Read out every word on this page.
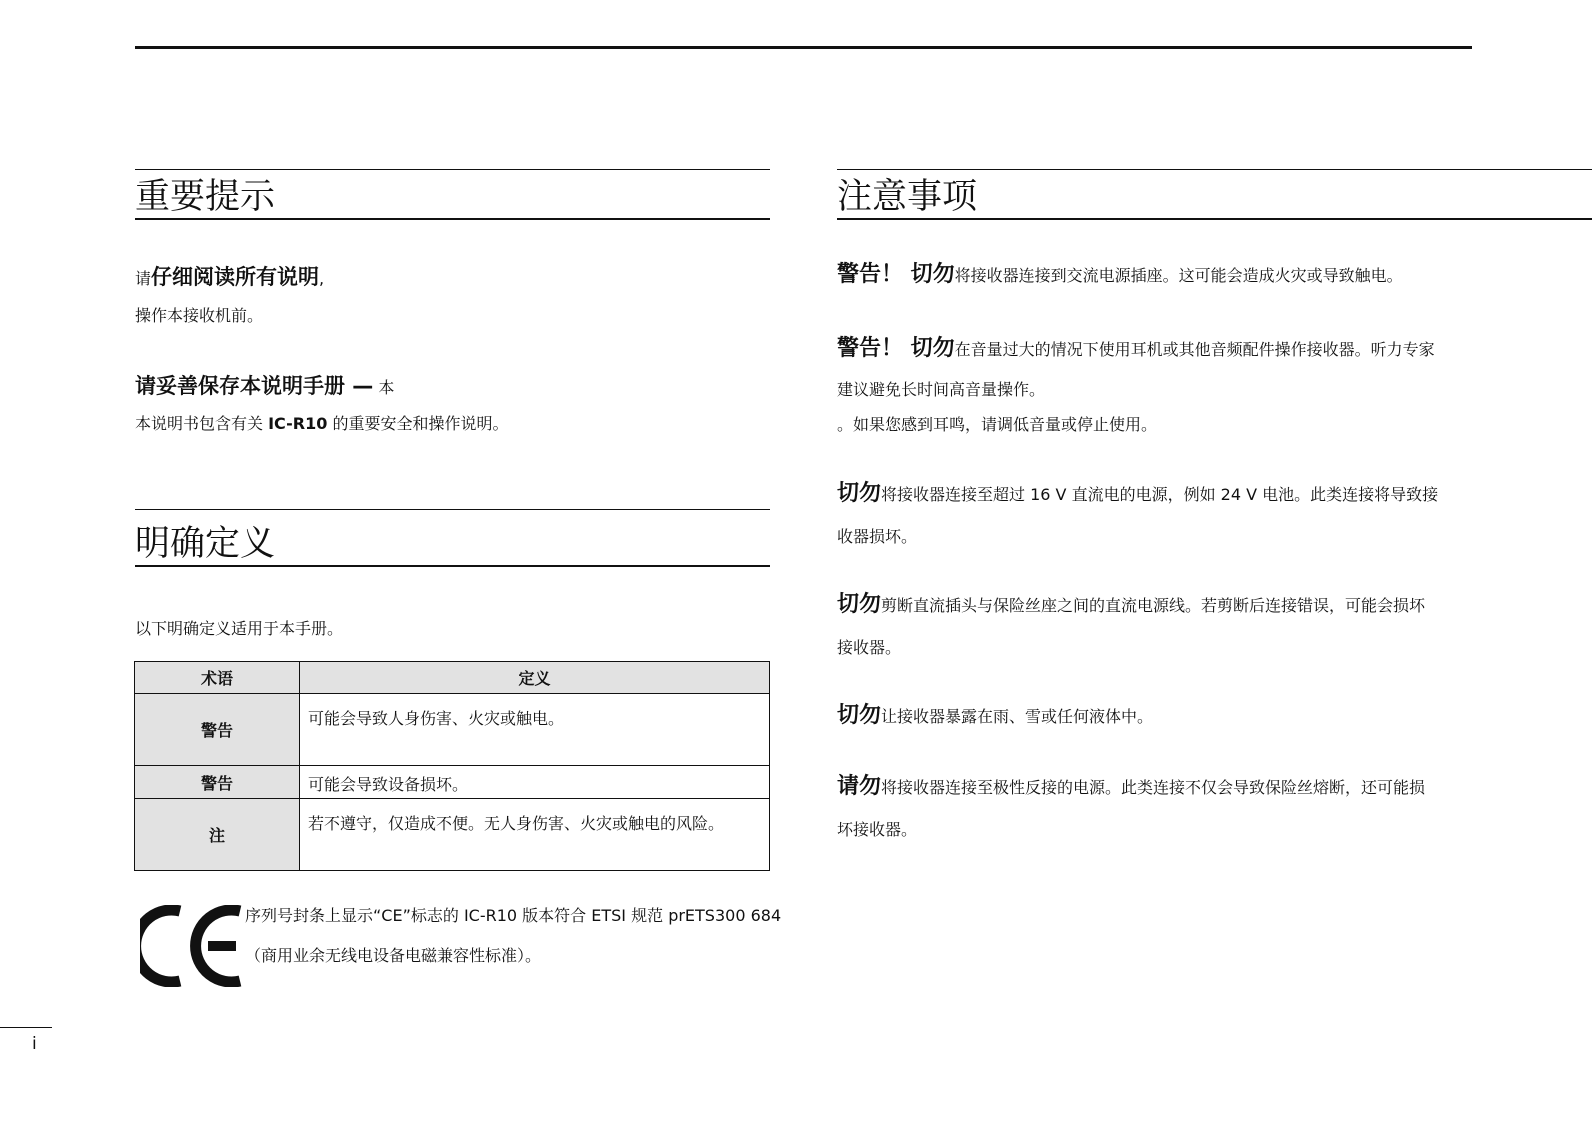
重要提示
请仔细阅读所有说明,
操作本接收机前。
请妥善保存本说明手册 — 本
本说明书包含有关 IC-R10 的重要安全和操作说明。
明确定义
以下明确定义适用于本手册。
术语	定义
警告	可能会导致人身伤害、火灾或触电。
警告	可能会导致设备损坏。
注	若不遵守，仅造成不便。无人身伤害、火灾或触电的风险。
序列号封条上显示“CE”标志的 IC-R10 版本符合 ETSI 规范 prETS300 684
（商用业余无线电设备电磁兼容性标准）。
注意事项
警告！ 切勿将接收器连接到交流电源插座。这可能会造成火灾或导致触电。
警告！ 切勿在音量过大的情况下使用耳机或其他音频配件操作接收器。听力专家
建议避免长时间高音量操作。
。如果您感到耳鸣，请调低音量或停止使用。
切勿将接收器连接至超过 16 V 直流电的电源，例如 24 V 电池。此类连接将导致接
收器损坏。
切勿剪断直流插头与保险丝座之间的直流电源线。若剪断后连接错误，可能会损坏
接收器。
切勿让接收器暴露在雨、雪或任何液体中。
请勿将接收器连接至极性反接的电源。此类连接不仅会导致保险丝熔断，还可能损
坏接收器。
i
